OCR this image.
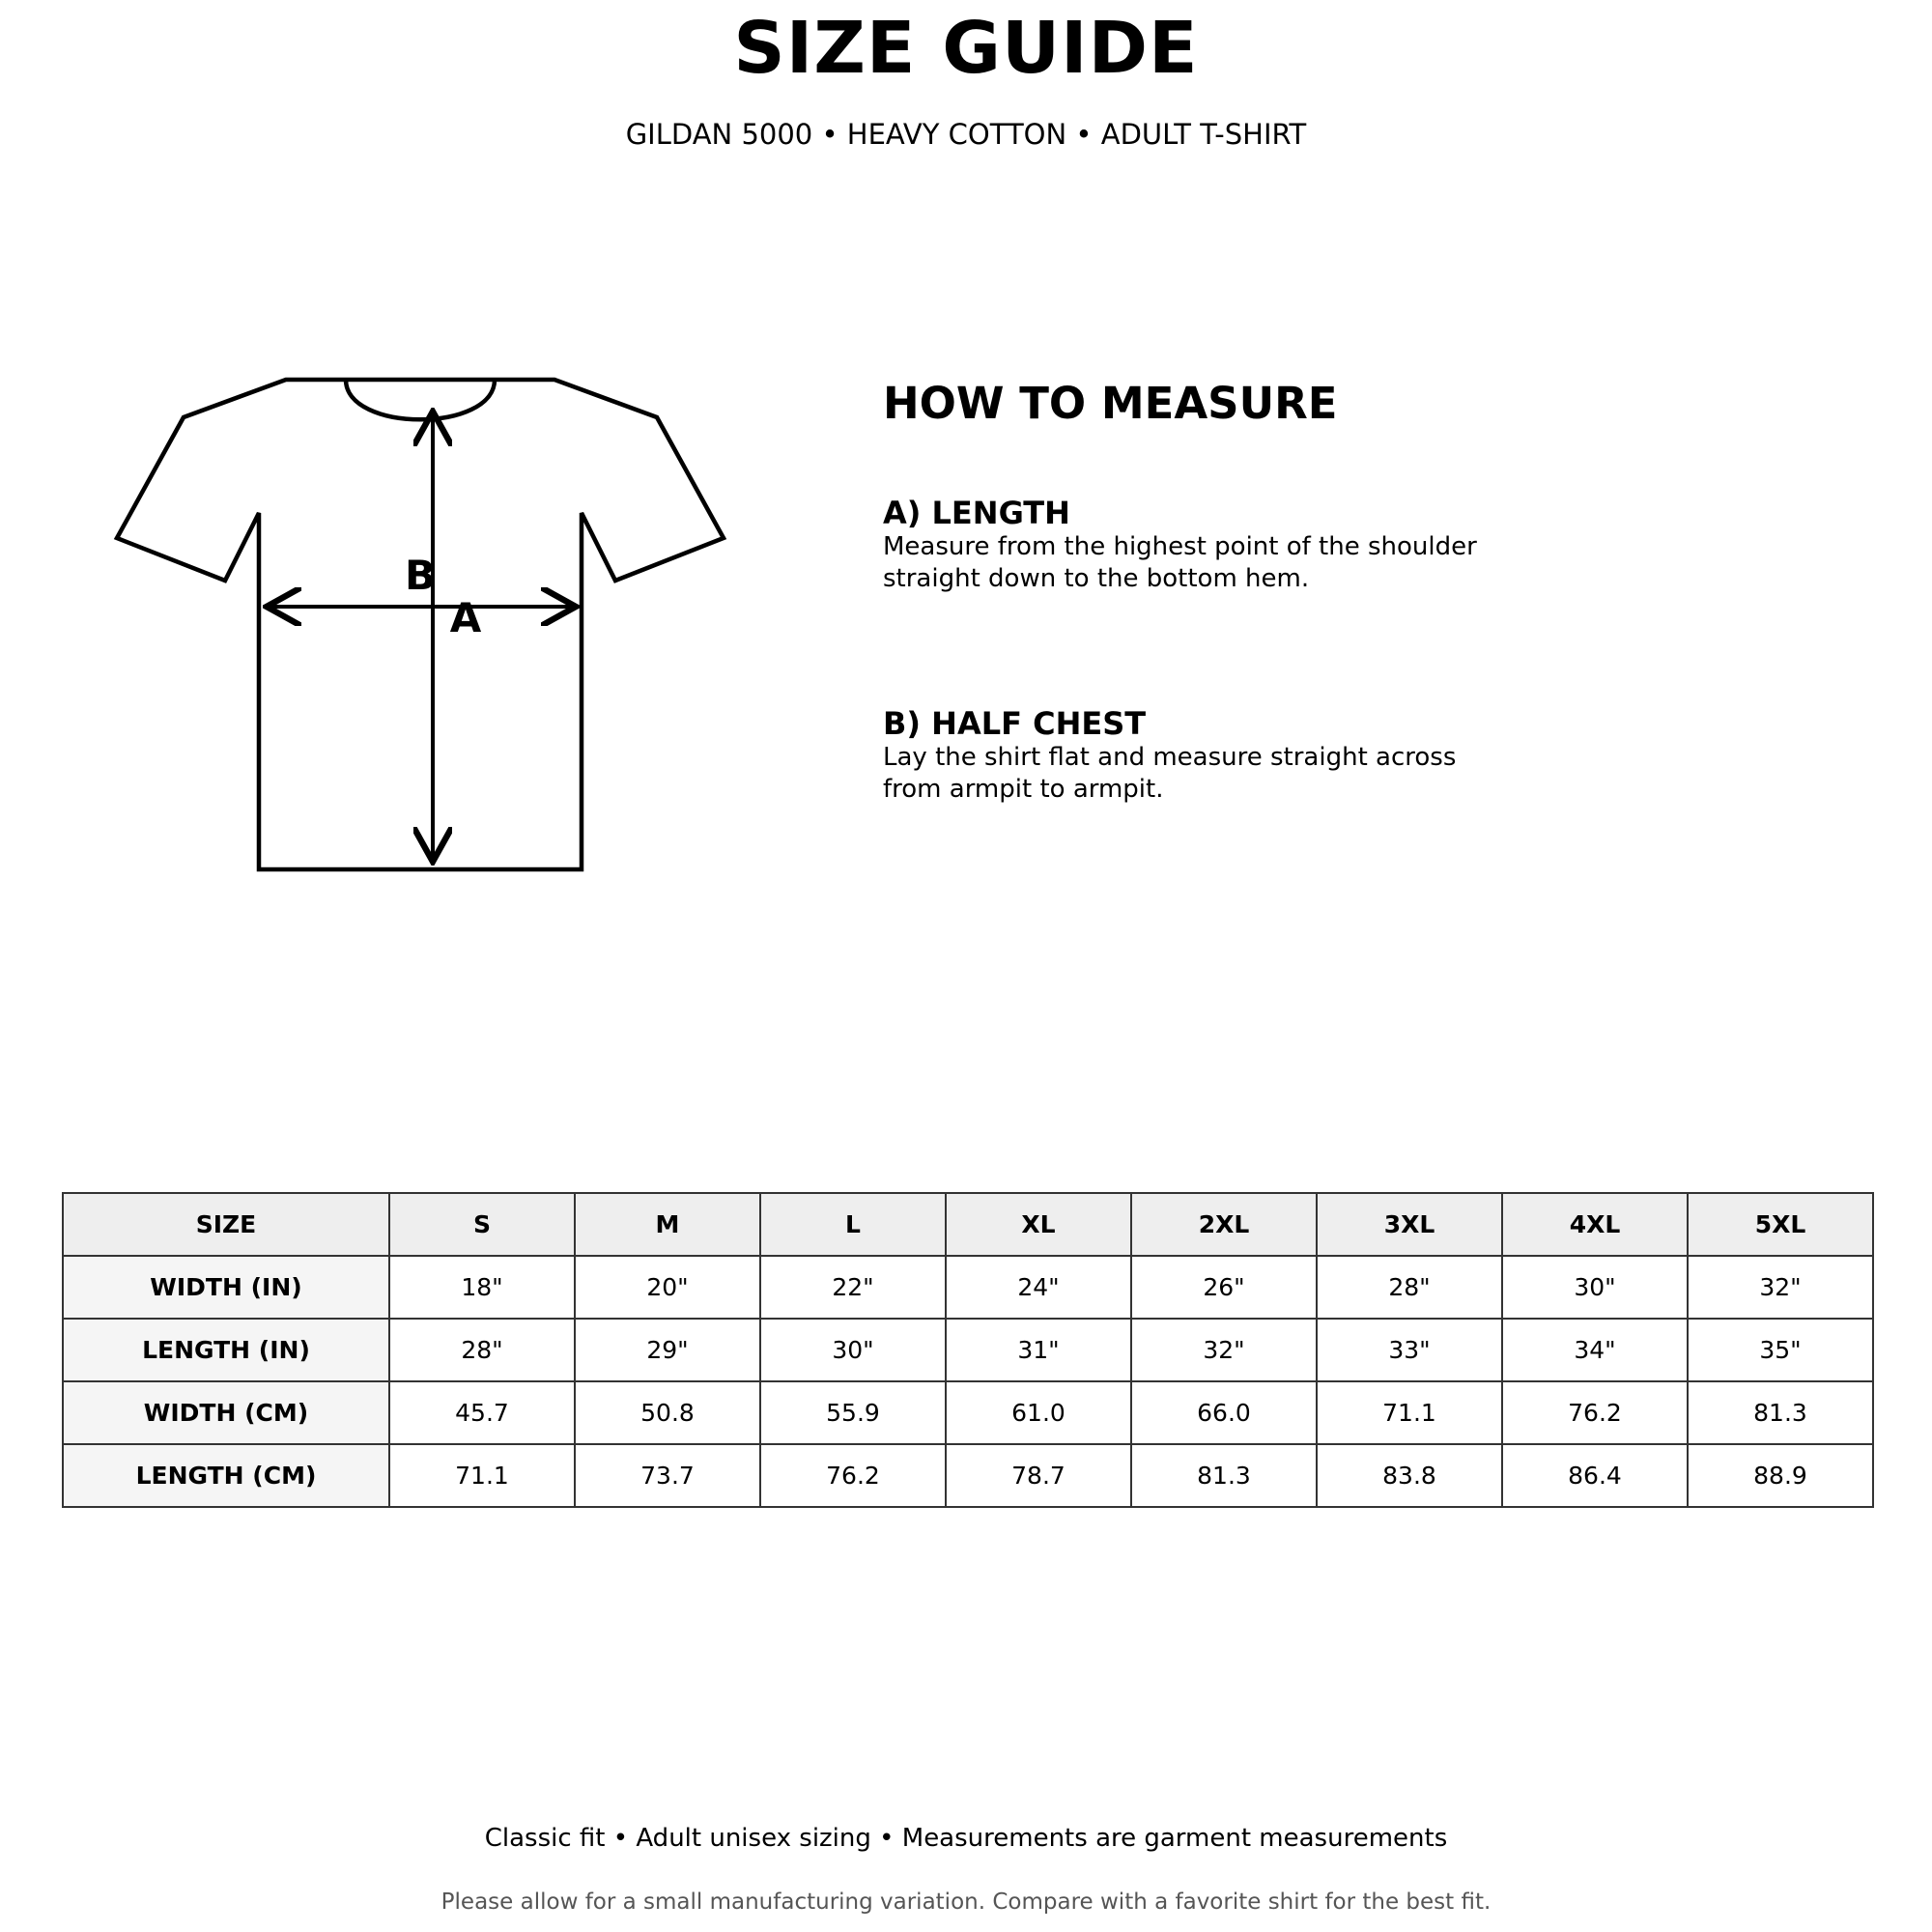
SIZE GUIDE
GILDAN 5000 • HEAVY COTTON • ADULT T-SHIRT
B
A
HOW TO MEASURE
A) LENGTH
Measure from the highest point of the shoulder
straight down to the bottom hem.
B) HALF CHEST
Lay the shirt flat and measure straight across
from armpit to armpit.
SIZE	S	M	L	XL	2XL	3XL	4XL	5XL
WIDTH (IN)	18"	20"	22"	24"	26"	28"	30"	32"
LENGTH (IN)	28"	29"	30"	31"	32"	33"	34"	35"
WIDTH (CM)	45.7	50.8	55.9	61.0	66.0	71.1	76.2	81.3
LENGTH (CM)	71.1	73.7	76.2	78.7	81.3	83.8	86.4	88.9
Classic fit • Adult unisex sizing • Measurements are garment measurements
Please allow for a small manufacturing variation. Compare with a favorite shirt for the best fit.
